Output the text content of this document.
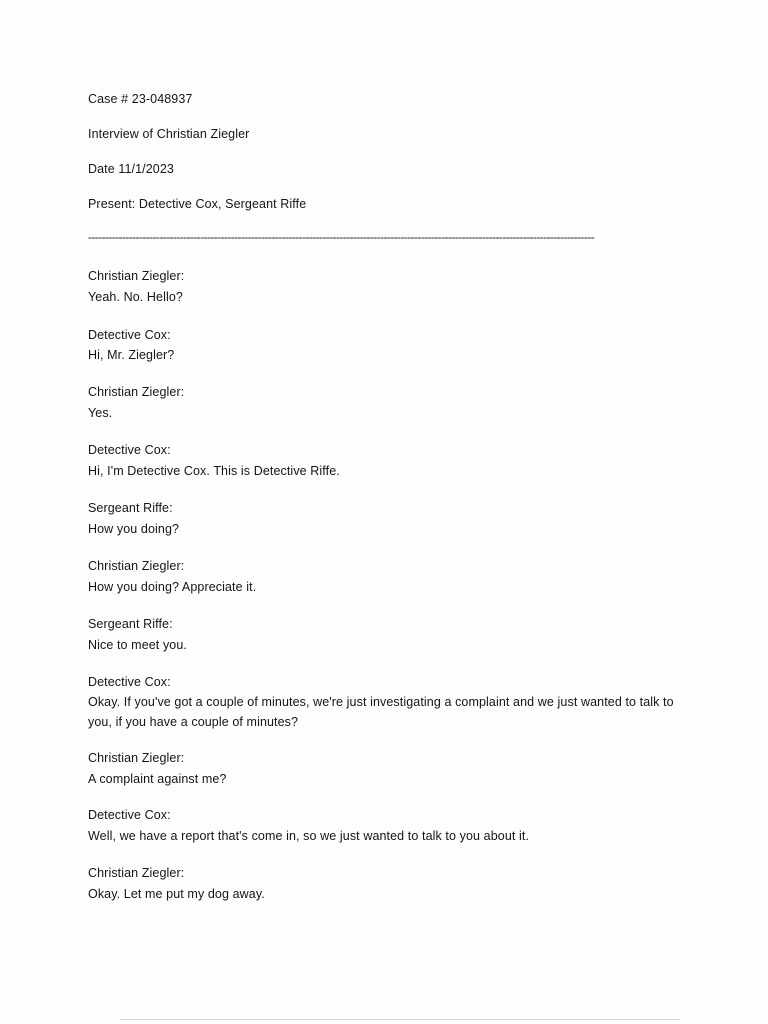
Case # 23-048937
Interview of Christian Ziegler
Date 11/1/2023
Present: Detective Cox, Sergeant Riffe
-----------------------------------------------------------------------------------------------------------------------------------------------------
Christian Ziegler:
Yeah. No. Hello?
Detective Cox:
Hi, Mr. Ziegler?
Christian Ziegler:
Yes.
Detective Cox:
Hi, I'm Detective Cox. This is Detective Riffe.
Sergeant Riffe:
How you doing?
Christian Ziegler:
How you doing? Appreciate it.
Sergeant Riffe:
Nice to meet you.
Detective Cox:
Okay. If you've got a couple of minutes, we're just investigating a complaint and we just wanted to talk to you, if you have a couple of minutes?
Christian Ziegler:
A complaint against me?
Detective Cox:
Well, we have a report that's come in, so we just wanted to talk to you about it.
Christian Ziegler:
Okay. Let me put my dog away.
